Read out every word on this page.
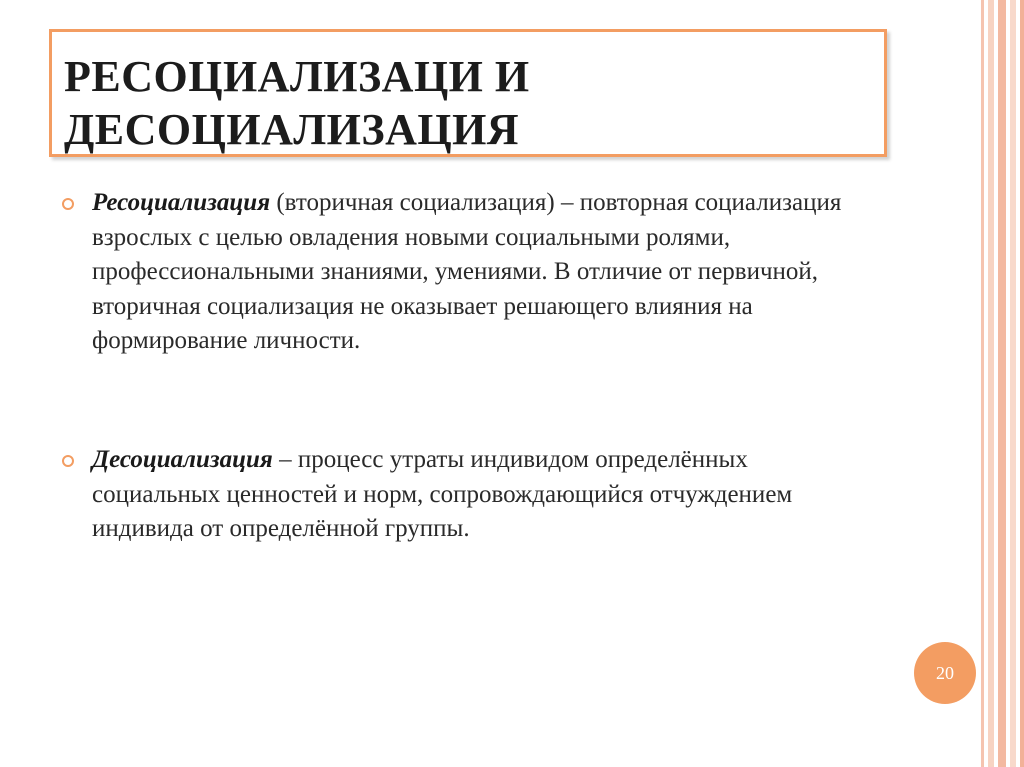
РЕСОЦИАЛИЗАЦИ И
ДЕСОЦИАЛИЗАЦИЯ
Ресоциализация (вторичная социализация) – повторная социализация взрослых с целью овладения новыми социальными ролями, профессиональными знаниями, умениями. В отличие от первичной, вторичная социализация не оказывает решающего влияния на формирование личности.
Десоциализация – процесс утраты индивидом определённых социальных ценностей и норм, сопровождающийся отчуждением индивида от определённой группы.
20
